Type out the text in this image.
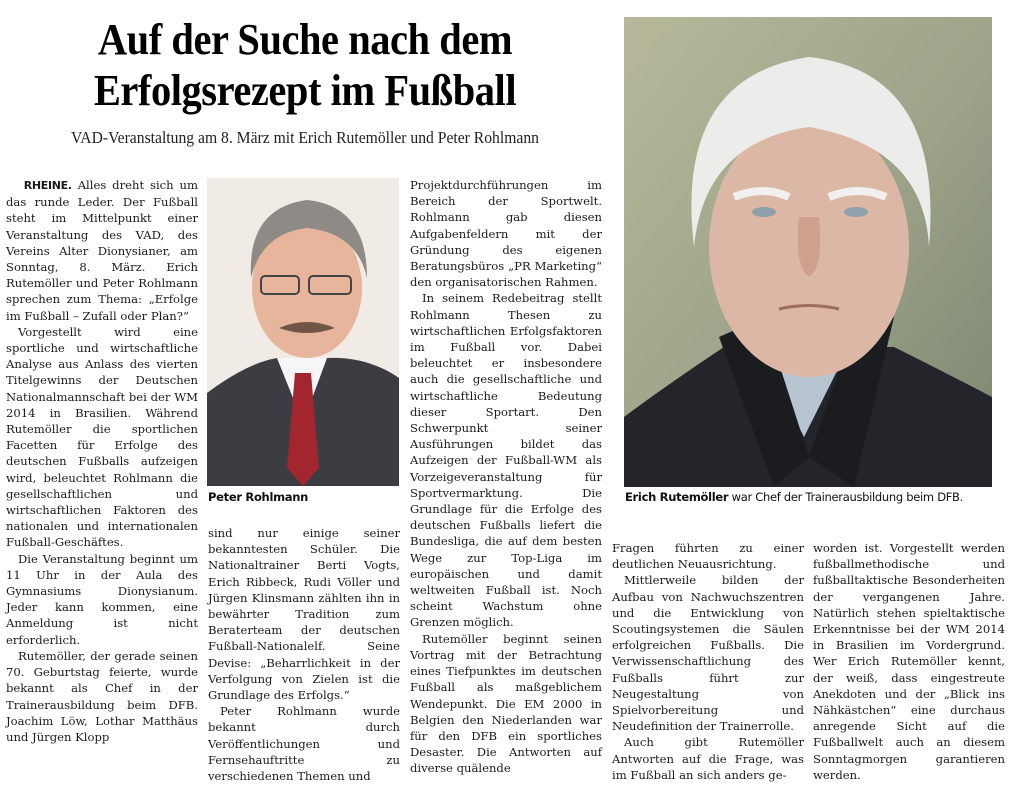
Auf der Suche nach dem
Erfolgsrezept im Fußball
VAD-Veranstaltung am 8. März mit Erich Rutemöller und Peter Rohlmann

RHEINE. Alles dreht sich um das runde Leder. Der Fußball steht im Mittelpunkt einer Veranstaltung des VAD, des Vereins Alter Dionysianer, am Sonntag, 8. März. Erich Rutemöller und Peter Rohlmann sprechen zum Thema: „Erfolge im Fußball – Zufall oder Plan?“

Vorgestellt wird eine sportliche und wirtschaftliche Analyse aus Anlass des vierten Titelgewinns der Deutschen Nationalmannschaft bei der WM 2014 in Brasilien. Während Rutemöller die sportlichen Facetten für Erfolge des deutschen Fußballs aufzeigen wird, beleuchtet Rohlmann die gesellschaftlichen und wirtschaftlichen Faktoren des nationalen und internationalen Fußball-Geschäftes.

Die Veranstaltung beginnt um 11 Uhr in der Aula des Gymnasiums Dionysianum. Jeder kann kommen, eine Anmeldung ist nicht erforderlich.

Rutemöller, der gerade seinen 70. Geburtstag feierte, wurde bekannt als Chef in der Trainerausbildung beim DFB. Joachim Löw, Lothar Matthäus und Jürgen Klopp

Peter Rohlmann

sind nur einige seiner bekanntesten Schüler. Die Nationaltrainer Berti Vogts, Erich Ribbeck, Rudi Völler und Jürgen Klinsmann zählten ihn in bewährter Tradition zum Beraterteam der deutschen Fußball-Nationalelf. Seine Devise: „Beharrlichkeit in der Verfolgung von Zielen ist die Grundlage des Erfolgs.“

Peter Rohlmann wurde bekannt durch Veröffentlichungen und Fernsehauftritte zu verschiedenen Themen und

Projektdurchführungen im Bereich der Sportwelt. Rohlmann gab diesen Aufgabenfeldern mit der Gründung des eigenen Beratungsbüros „PR Marketing“ den organisatorischen Rahmen.

In seinem Redebeitrag stellt Rohlmann Thesen zu wirtschaftlichen Erfolgsfaktoren im Fußball vor. Dabei beleuchtet er insbesondere auch die gesellschaftliche und wirtschaftliche Bedeutung dieser Sportart. Den Schwerpunkt seiner Ausführungen bildet das Aufzeigen der Fußball-WM als Vorzeigeveranstaltung für Sportvermarktung. Die Grundlage für die Erfolge des deutschen Fußballs liefert die Bundesliga, die auf dem besten Wege zur Top-Liga im europäischen und damit weltweiten Fußball ist. Noch scheint Wachstum ohne Grenzen möglich.

Rutemöller beginnt seinen Vortrag mit der Betrachtung eines Tiefpunktes im deutschen Fußball als maßgeblichem Wendepunkt. Die EM 2000 in Belgien den Niederlanden war für den DFB ein sportliches Desaster. Die Antworten auf diverse quälende

Erich Rutemöller war Chef der Trainerausbildung beim DFB.

Fragen führten zu einer deutlichen Neuausrichtung.

Mittlerweile bilden der Aufbau von Nachwuchszentren und die Entwicklung von Scoutingsystemen die Säulen erfolgreichen Fußballs. Die Verwissenschaftlichung des Fußballs führt zur Neugestaltung von Spielvorbereitung und Neudefinition der Trainerrolle.

Auch gibt Rutemöller Antworten auf die Frage, was im Fußball an sich anders ge-

worden ist. Vorgestellt werden fußballmethodische und fußballtaktische Besonderheiten der vergangenen Jahre. Natürlich stehen spieltaktische Erkenntnisse bei der WM 2014 in Brasilien im Vordergrund. Wer Erich Rutemöller kennt, der weiß, dass eingestreute Anekdoten und der „Blick ins Nähkästchen“ eine durchaus anregende Sicht auf die Fußballwelt auch an diesem Sonntagmorgen garantieren werden.
